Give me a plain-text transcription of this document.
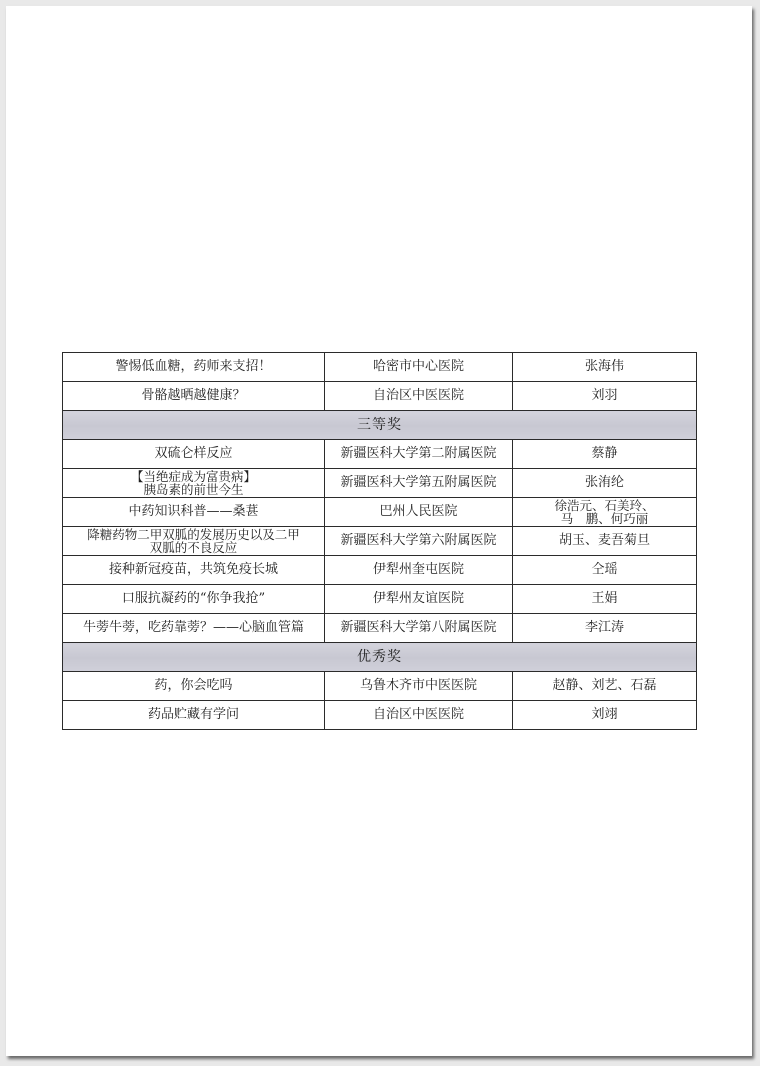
警惕低血糖，药师来支招！	哈密市中心医院	张海伟
骨骼越晒越健康？	自治区中医医院	刘羽
三等奖		
双硫仑样反应	新疆医科大学第二附属医院	蔡静

【当绝症成为富贵病】
胰岛素的前世今生	新疆医科大学第五附属医院	张洧纶
中药知识科普——桑葚	巴州人民医院	徐浩元、石美玲、
马　鹏、何巧丽

降糖药物二甲双胍的发展历史以及二甲
双胍的不良反应	新疆医科大学第六附属医院	胡玉、麦吾菊旦
接种新冠疫苗，共筑免疫长城	伊犁州奎屯医院	仝瑶
口服抗凝药的“你争我抢”	伊犁州友谊医院	王娟
牛蒡牛蒡，吃药靠蒡？——心脑血管篇	新疆医科大学第八附属医院	李江涛
优秀奖		
药，你会吃吗	乌鲁木齐市中医医院	赵静、刘艺、石磊
药品贮藏有学问	自治区中医医院	刘翊
